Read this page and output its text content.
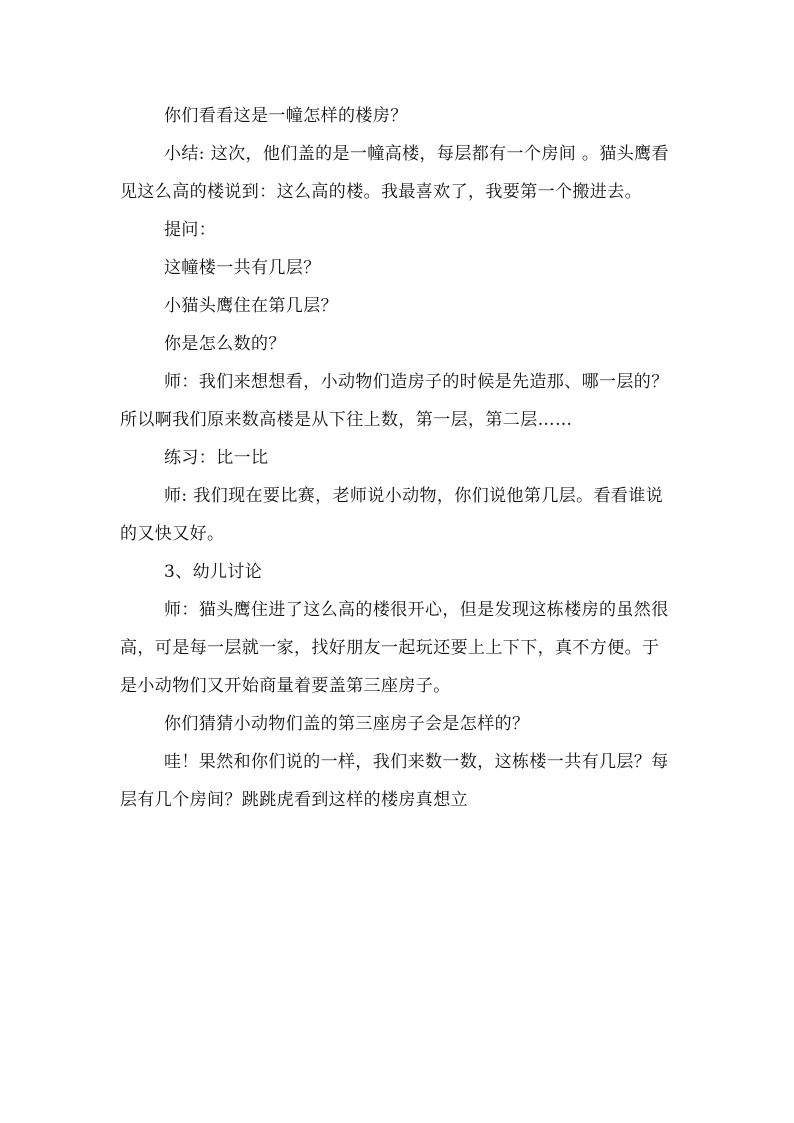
你们看看这是一幢怎样的楼房？

小结: 这次，他们盖的是一幢高楼，每层都有一个房间 。猫头鹰看见这么高的楼说到：这么高的楼。我最喜欢了，我要第一个搬进去。

提问：

这幢楼一共有几层？

小猫头鹰住在第几层？

你是怎么数的？

师：我们来想想看，小动物们造房子的时候是先造那、哪一层的？所以啊我们原来数高楼是从下往上数，第一层，第二层……

练习：比一比

师: 我们现在要比赛，老师说小动物，你们说他第几层。看看谁说的又快又好。

3、幼儿讨论

师：猫头鹰住进了这么高的楼很开心，但是发现这栋楼房的虽然很高，可是每一层就一家，找好朋友一起玩还要上上下下，真不方便。于是小动物们又开始商量着要盖第三座房子。

你们猜猜小动物们盖的第三座房子会是怎样的？

哇！果然和你们说的一样，我们来数一数，这栋楼一共有几层？每层有几个房间？跳跳虎看到这样的楼房真想立
